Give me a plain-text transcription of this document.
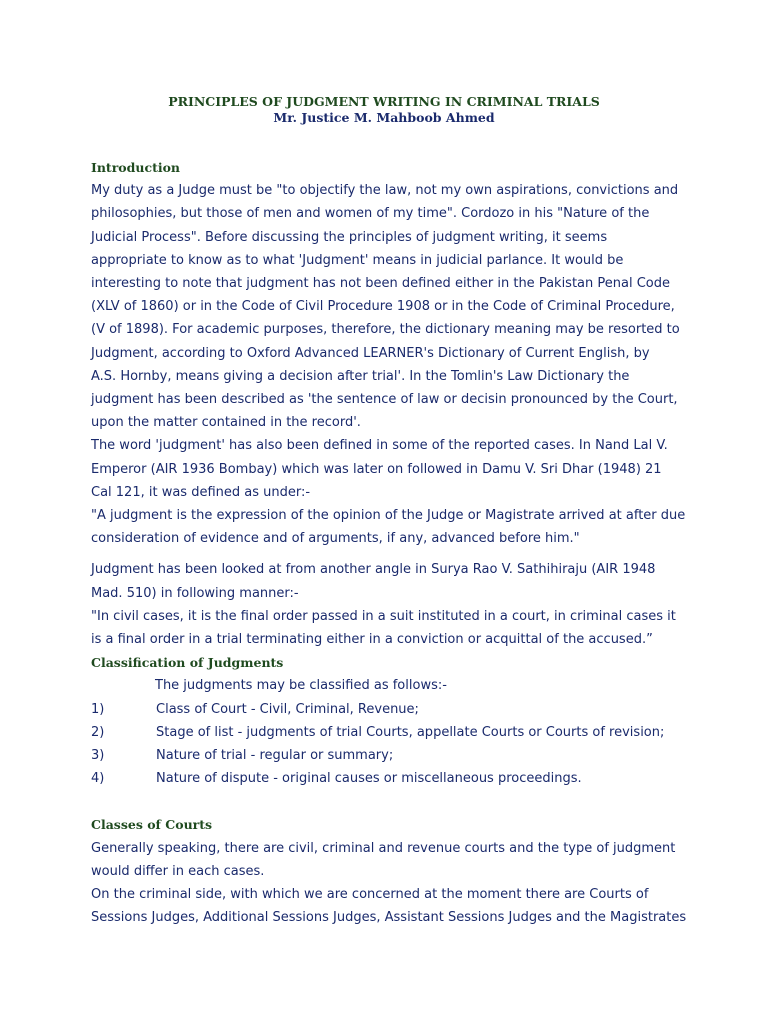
PRINCIPLES OF JUDGMENT WRITING IN CRIMINAL TRIALS
Mr. Justice M. Mahboob Ahmed

Introduction

My duty as a Judge must be "to objectify the law, not my own aspirations, convictions and

philosophies, but those of men and women of my time". Cordozo in his "Nature of the

Judicial Process". Before discussing the principles of judgment writing, it seems

appropriate to know as to what 'Judgment' means in judicial parlance. It would be

interesting to note that judgment has not been defined either in the Pakistan Penal Code

(XLV of 1860) or in the Code of Civil Procedure 1908 or in the Code of Criminal Procedure,

(V of 1898). For academic purposes, therefore, the dictionary meaning may be resorted to

Judgment, according to Oxford Advanced LEARNER's Dictionary of Current English, by

A.S. Hornby, means giving a decision after trial'. In the Tomlin's Law Dictionary the

judgment has been described as 'the sentence of law or decisin pronounced by the Court,

upon the matter contained in the record'.

The word 'judgment' has also been defined in some of the reported cases. In Nand Lal V.

Emperor (AIR 1936 Bombay) which was later on followed in Damu V. Sri Dhar (1948) 21

Cal 121, it was defined as under:-

"A judgment is the expression of the opinion of the Judge or Magistrate arrived at after due

consideration of evidence and of arguments, if any, advanced before him."

Judgment has been looked at from another angle in Surya Rao V. Sathihiraju (AIR 1948

Mad. 510) in following manner:-

"In civil cases, it is the final order passed in a suit instituted in a court, in criminal cases it

is a final order in a trial terminating either in a conviction or acquittal of the accused.”

Classification of Judgments

The judgments may be classified as follows:-

1)	Class of Court - Civil, Criminal, Revenue;
2)	Stage of list - judgments of trial Courts, appellate Courts or Courts of revision;
3)	Nature of trial - regular or summary;
4)	Nature of dispute - original causes or miscellaneous proceedings.

Classes of Courts

Generally speaking, there are civil, criminal and revenue courts and the type of judgment

would differ in each cases.

On the criminal side, with which we are concerned at the moment there are Courts of

Sessions Judges, Additional Sessions Judges, Assistant Sessions Judges and the Magistrates
